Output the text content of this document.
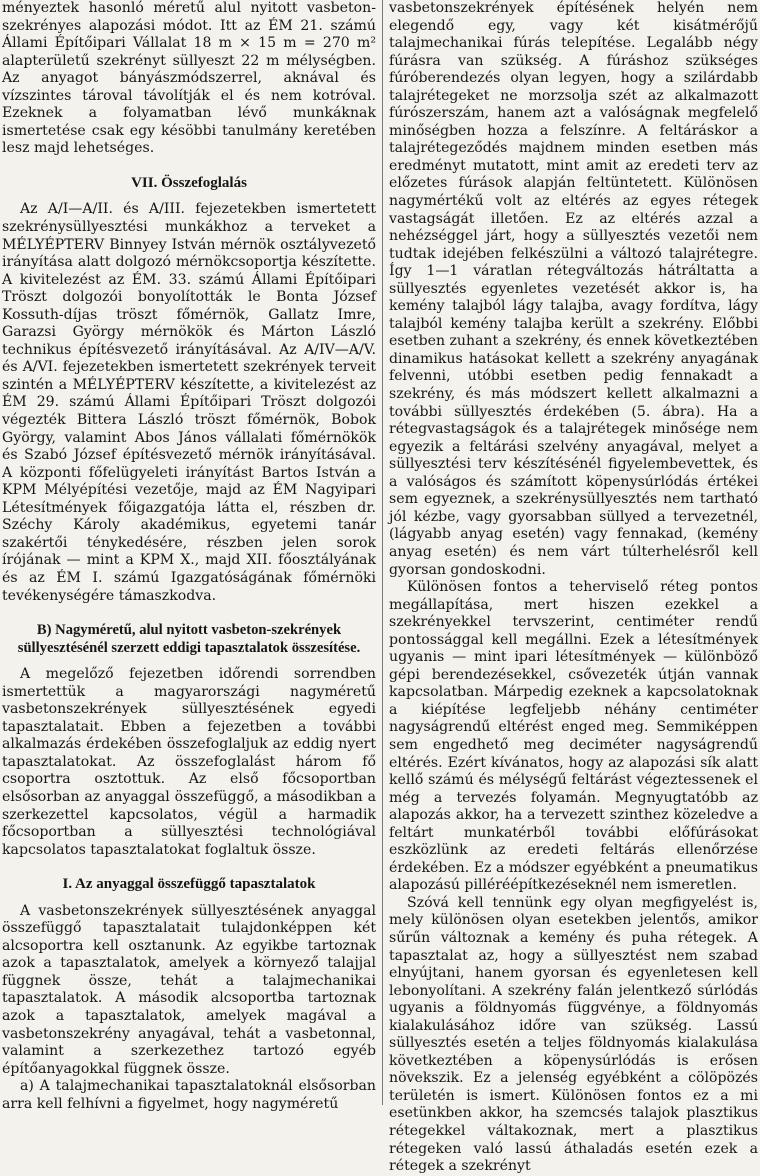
ményeztek hasonló méretű alul nyitott vasbeton-szekrényes alapozási módot. Itt az ÉM 21. számú Állami Építőipari Vállalat 18 m × 15 m = 270 m² alapterületű szekrényt süllyeszt 22 m mélységben. Az anyagot bányászmódszerrel, aknával és vízszintes tároval távolítják el és nem kotróval. Ezeknek a folyamatban lévő munkáknak ismertetése csak egy késöbbi tanulmány keretében lesz majd lehetséges.

VII. Összefoglalás

Az A/I—A/II. és A/III. fejezetekben ismertetett szekrénysüllyesztési munkákhoz a terveket a MÉLYÉPTERV Binnyey István mérnök osztályvezető irányítása alatt dolgozó mérnökcsoportja készítette. A kivitelezést az ÉM. 33. számú Állami Építőipari Tröszt dolgozói bonyolították le Bonta József Kossuth-díjas tröszt főmérnök, Gallatz Imre, Garazsi György mérnökök és Márton László technikus építésvezető irányításával. Az A/IV—A/V. és A/VI. fejezetekben ismertetett szekrények terveit szintén a MÉLYÉPTERV készítette, a kivitelezést az ÉM 29. számú Állami Építőipari Tröszt dolgozói végezték Bittera László tröszt főmérnök, Bobok György, valamint Abos János vállalati főmérnökök és Szabó József építésvezető mérnök irányításával. A központi főfelügyeleti irányítást Bartos István a KPM Mélyépítési vezetője, majd az ÉM Nagyipari Létesítmények főigazgatója látta el, részben dr. Széchy Károly akadémikus, egyetemi tanár szakértői ténykedésére, részben jelen sorok írójának — mint a KPM X., majd XII. főosztályának és az ÉM I. számú Igazgatóságának főmérnöki tevékenységére támaszkodva.

B) Nagyméretű, alul nyitott vasbeton-szekrények süllyesztésénél szerzett eddigi tapasztalatok összesítése.

A megelőző fejezetben időrendi sorrendben ismertettük a magyarországi nagyméretű vasbetonszekrények süllyesztésének egyedi tapasztalatait. Ebben a fejezetben a további alkalmazás érdekében összefoglaljuk az eddig nyert tapasztalatokat. Az összefoglalást három fő csoportra osztottuk. Az első főcsoportban elsősorban az anyaggal összefüggő, a másodikban a szerkezettel kapcsolatos, végül a harmadik főcsoportban a süllyesztési technológiával kapcsolatos tapasztalatokat foglaltuk össze.

I. Az anyaggal összefüggő tapasztalatok

A vasbetonszekrények süllyesztésének anyaggal összefüggő tapasztalatait tulajdonképpen két alcsoportra kell osztanunk. Az egyikbe tartoznak azok a tapasztalatok, amelyek a környező talajjal függnek össze, tehát a talajmechanikai tapasztalatok. A második alcsoportba tartoznak azok a tapasztalatok, amelyek magával a vasbetonszekrény anyagával, tehát a vasbetonnal, valamint a szerkezethez tartozó egyéb építőanyagokkal függnek össze.

a) A talajmechanikai tapasztalatoknál elsősorban arra kell felhívni a figyelmet, hogy nagyméretű

vasbetonszekrények építésének helyén nem elegendő egy, vagy két kisátmérőjű talajmechanikai fúrás telepítése. Legalább négy fúrásra van szükség. A fúráshoz szükséges fúróberendezés olyan legyen, hogy a szilárdabb talajrétegeket ne morzsolja szét az alkalmazott fúrószerszám, hanem azt a valóságnak megfelelő minőségben hozza a felszínre. A feltáráskor a talajrétegeződés majdnem minden esetben más eredményt mutatott, mint amit az eredeti terv az előzetes fúrások alapján feltüntetett. Különösen nagymértékű volt az eltérés az egyes rétegek vastagságát illetően. Ez az eltérés azzal a nehézséggel járt, hogy a süllyesztés vezetői nem tudtak idejében felkészülni a változó talajrétegre. Így 1—1 váratlan rétegváltozás hátráltatta a süllyesztés egyenletes vezetését akkor is, ha kemény talajból lágy talajba, avagy fordítva, lágy talajból kemény talajba került a szekrény. Előbbi esetben zuhant a szekrény, és ennek következtében dinamikus hatásokat kellett a szekrény anyagának felvenni, utóbbi esetben pedig fennakadt a szekrény, és más módszert kellett alkalmazni a további süllyesztés érdekében (5. ábra). Ha a rétegvastagságok és a talajrétegek minősége nem egyezik a feltárási szelvény anyagával, melyet a süllyesztési terv készítésénél figyelembevettek, és a valóságos és számított köpenysúrlódás értékei sem egyeznek, a szekrénysüllyesztés nem tartható jól kézbe, vagy gyorsabban süllyed a tervezetnél, (lágyabb anyag esetén) vagy fennakad, (kemény anyag esetén) és nem várt túlterhelésről kell gyorsan gondoskodni.

Különösen fontos a teherviselő réteg pontos megállapítása, mert hiszen ezekkel a szekrényekkel tervszerint, centiméter rendű pontossággal kell megállni. Ezek a létesítmények ugyanis — mint ipari létesítmények — különböző gépi berendezésekkel, csővezeték útján vannak kapcsolatban. Márpedig ezeknek a kapcsolatoknak a kiépítése legfeljebb néhány centiméter nagyságrendű eltérést enged meg. Semmiképpen sem engedhető meg deciméter nagyságrendű eltérés. Ezért kívánatos, hogy az alapozási sík alatt kellő számú és mélységű feltárást végeztessenek el még a tervezés folyamán. Megnyugtatóbb az alapozás akkor, ha a tervezett szinthez közeledve a feltárt munkatérből további előfúrásokat eszközlünk az eredeti feltárás ellenőrzése érdekében. Ez a módszer egyébként a pneumatikus alapozású pilléréépítkezéseknél nem ismeretlen.

Szóvá kell tennünk egy olyan megfigyelést is, mely különösen olyan esetekben jelentős, amikor sűrűn változnak a kemény és puha rétegek. A tapasztalat az, hogy a süllyesztést nem szabad elnyújtani, hanem gyorsan és egyenletesen kell lebonyolítani. A szekrény falán jelentkező súrlódás ugyanis a földnyomás függvénye, a földnyomás kialakulásához időre van szükség. Lassú süllyesztés esetén a teljes földnyomás kialakulása következtében a köpenysúrlódás is erősen növekszik. Ez a jelenség egyébként a cölöpözés területén is ismert. Különösen fontos ez a mi esetünkben akkor, ha szemcsés talajok plasztikus rétegekkel váltakoznak, mert a plasztikus rétegeken való lassú áthaladás esetén ezek a rétegek a szekrényt
